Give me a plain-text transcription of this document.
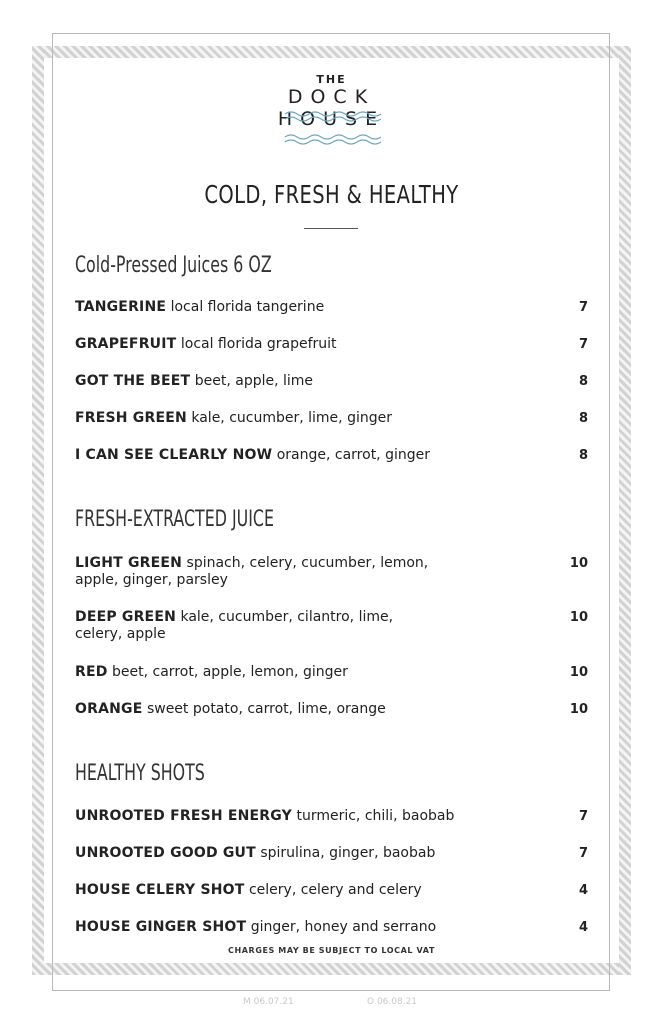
THE
DOCK
HOUSE
COLD, FRESH & HEALTHY
Cold-Pressed Juices 6 OZ
TANGERINE local florida tangerine	7
GRAPEFRUIT local florida grapefruit	7
GOT THE BEET beet, apple, lime	8
FRESH GREEN kale, cucumber, lime, ginger	8
I CAN SEE CLEARLY NOW orange, carrot, ginger	8
FRESH-EXTRACTED JUICE
LIGHT GREEN spinach, celery, cucumber, lemon, apple, ginger, parsley
10
DEEP GREEN kale, cucumber, cilantro, lime, celery, apple
10
RED beet, carrot, apple, lemon, ginger	10
ORANGE sweet potato, carrot, lime, orange	10
HEALTHY SHOTS
UNROOTED FRESH ENERGY turmeric, chili, baobab	7
UNROOTED GOOD GUT spirulina, ginger, baobab	7
HOUSE CELERY SHOT celery, celery and celery	4
HOUSE GINGER SHOT ginger, honey and serrano	4
CHARGES MAY BE SUBJECT TO LOCAL VAT
M 06.07.21	O 06.08.21
